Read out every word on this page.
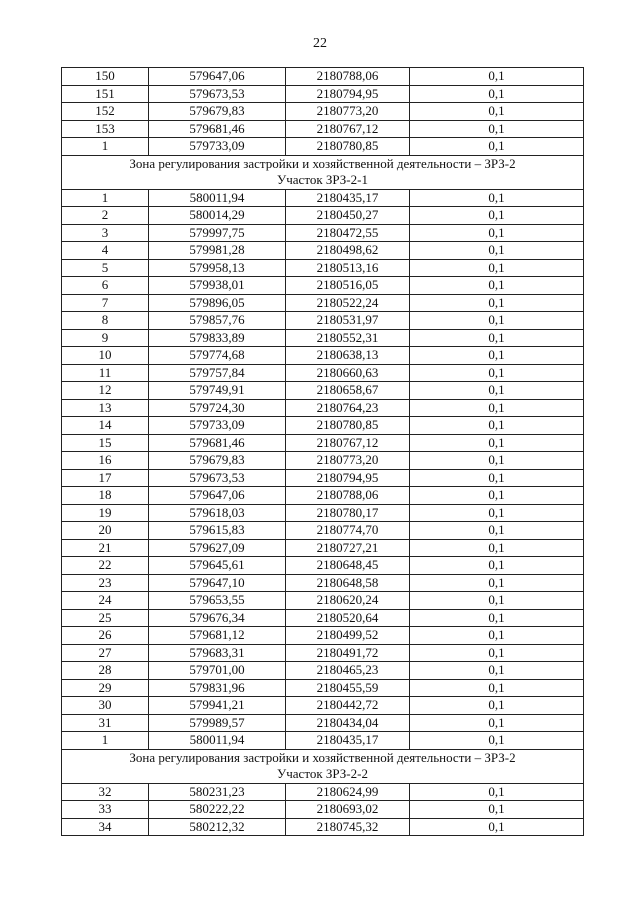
22
150	579647,06	2180788,06	0,1
151	579673,53	2180794,95	0,1
152	579679,83	2180773,20	0,1
153	579681,46	2180767,12	0,1
1	579733,09	2180780,85	0,1
Зона регулирования застройки и хозяйственной деятельности – ЗРЗ-2			
Участок ЗРЗ-2-1			
1	580011,94	2180435,17	0,1
2	580014,29	2180450,27	0,1
3	579997,75	2180472,55	0,1
4	579981,28	2180498,62	0,1
5	579958,13	2180513,16	0,1
6	579938,01	2180516,05	0,1
7	579896,05	2180522,24	0,1
8	579857,76	2180531,97	0,1
9	579833,89	2180552,31	0,1
10	579774,68	2180638,13	0,1
11	579757,84	2180660,63	0,1
12	579749,91	2180658,67	0,1
13	579724,30	2180764,23	0,1
14	579733,09	2180780,85	0,1
15	579681,46	2180767,12	0,1
16	579679,83	2180773,20	0,1
17	579673,53	2180794,95	0,1
18	579647,06	2180788,06	0,1
19	579618,03	2180780,17	0,1
20	579615,83	2180774,70	0,1
21	579627,09	2180727,21	0,1
22	579645,61	2180648,45	0,1
23	579647,10	2180648,58	0,1
24	579653,55	2180620,24	0,1
25	579676,34	2180520,64	0,1
26	579681,12	2180499,52	0,1
27	579683,31	2180491,72	0,1
28	579701,00	2180465,23	0,1
29	579831,96	2180455,59	0,1
30	579941,21	2180442,72	0,1
31	579989,57	2180434,04	0,1
1	580011,94	2180435,17	0,1
Зона регулирования застройки и хозяйственной деятельности – ЗРЗ-2			
Участок ЗРЗ-2-2			
32	580231,23	2180624,99	0,1
33	580222,22	2180693,02	0,1
34	580212,32	2180745,32	0,1
